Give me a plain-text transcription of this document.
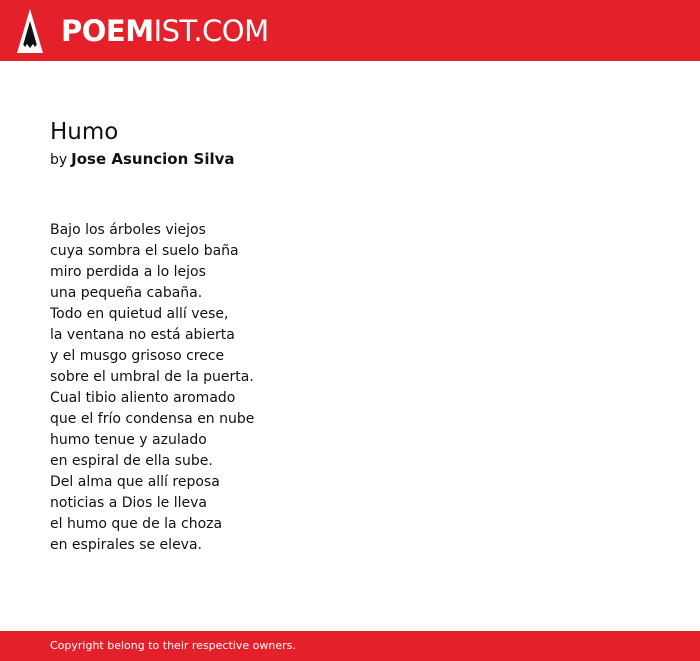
POEMIST.COM
Humo
by Jose Asuncion Silva
Bajo los árboles viejos
cuya sombra el suelo baña
miro perdida a lo lejos
una pequeña cabaña.
Todo en quietud allí vese,
la ventana no está abierta
y el musgo grisoso crece
sobre el umbral de la puerta.
Cual tibio aliento aromado
que el frío condensa en nube
humo tenue y azulado
en espiral de ella sube.
Del alma que allí reposa
noticias a Dios le lleva
el humo que de la choza
en espirales se eleva.
Copyright belong to their respective owners.
